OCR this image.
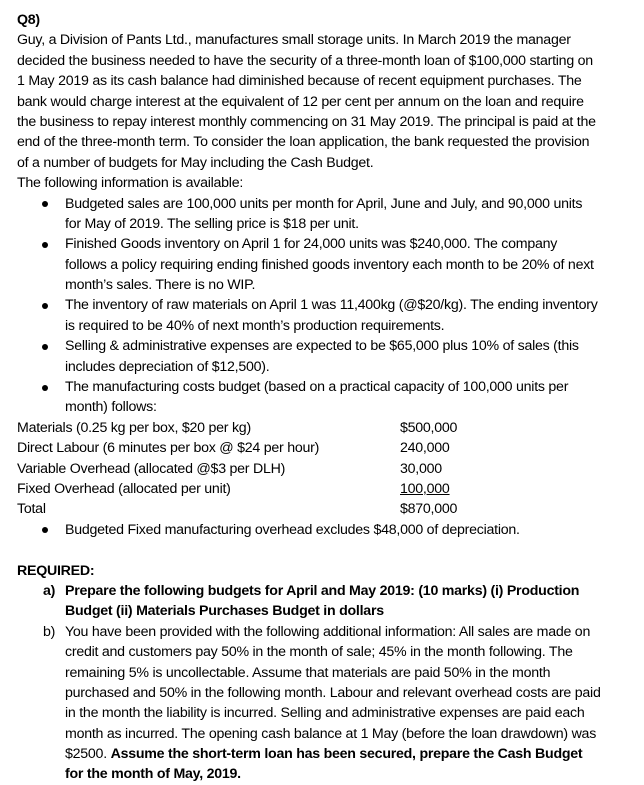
Q8)
Guy, a Division of Pants Ltd., manufactures small storage units. In March 2019 the manager
decided the business needed to have the security of a three-month loan of $100,000 starting on
1 May 2019 as its cash balance had diminished because of recent equipment purchases. The
bank would charge interest at the equivalent of 12 per cent per annum on the loan and require
the business to repay interest monthly commencing on 31 May 2019. The principal is paid at the
end of the three-month term. To consider the loan application, the bank requested the provision
of a number of budgets for May including the Cash Budget.
The following information is available:
Budgeted sales are 100,000 units per month for April, June and July, and 90,000 units
for May of 2019. The selling price is $18 per unit.
Finished Goods inventory on April 1 for 24,000 units was $240,000. The company
follows a policy requiring ending finished goods inventory each month to be 20% of next
month’s sales. There is no WIP.
The inventory of raw materials on April 1 was 11,400kg (@$20/kg). The ending inventory
is required to be 40% of next month’s production requirements.
Selling & administrative expenses are expected to be $65,000 plus 10% of sales (this
includes depreciation of $12,500).
The manufacturing costs budget (based on a practical capacity of 100,000 units per
month) follows:
Materials (0.25 kg per box, $20 per kg)	$500,000
Direct Labour (6 minutes per box @ $24 per hour)	240,000
Variable Overhead (allocated @$3 per DLH)	30,000
Fixed Overhead (allocated per unit)	100,000
Total	$870,000
Budgeted Fixed manufacturing overhead excludes $48,000 of depreciation.
REQUIRED:
a) Prepare the following budgets for April and May 2019: (10 marks) (i) Production
Budget (ii) Materials Purchases Budget in dollars
b) You have been provided with the following additional information: All sales are made on
credit and customers pay 50% in the month of sale; 45% in the month following. The
remaining 5% is uncollectable. Assume that materials are paid 50% in the month
purchased and 50% in the following month. Labour and relevant overhead costs are paid
in the month the liability is incurred. Selling and administrative expenses are paid each
month as incurred. The opening cash balance at 1 May (before the loan drawdown) was
$2500. Assume the short-term loan has been secured, prepare the Cash Budget
for the month of May, 2019.
